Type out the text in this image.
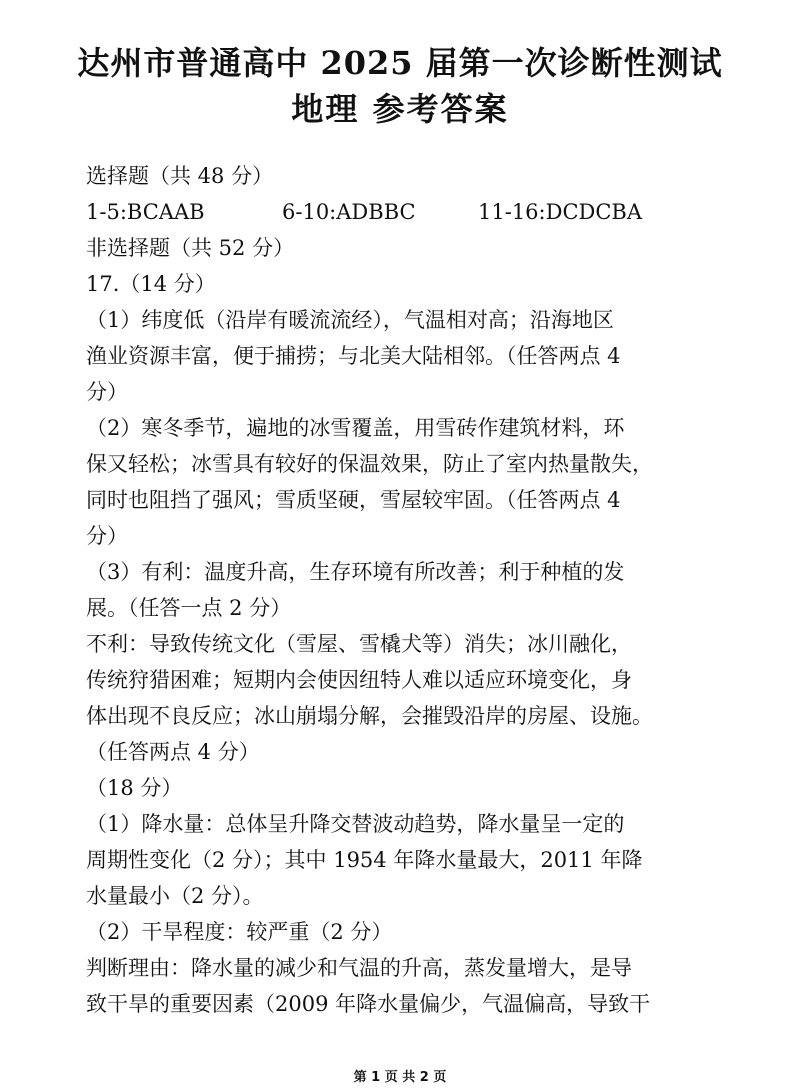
达州市普通高中 2025 届第一次诊断性测试
地理 参考答案
选择题（共 48 分）
1-5:BCAAB	6-10:ADBBC	11-16:DCDCBA
非选择题（共 52 分）
17.（14 分）
（1）纬度低（沿岸有暖流流经），气温相对高；沿海地区
渔业资源丰富，便于捕捞；与北美大陆相邻。（任答两点 4
分）
（2）寒冬季节，遍地的冰雪覆盖，用雪砖作建筑材料，环
保又轻松；冰雪具有较好的保温效果，防止了室内热量散失，
同时也阻挡了强风；雪质坚硬，雪屋较牢固。（任答两点 4
分）
（3）有利：温度升高，生存环境有所改善；利于种植的发
展。（任答一点 2 分）
不利：导致传统文化（雪屋、雪橇犬等）消失；冰川融化，
传统狩猎困难；短期内会使因纽特人难以适应环境变化，身
体出现不良反应；冰山崩塌分解，会摧毁沿岸的房屋、设施。
（任答两点 4 分）
（18 分）
（1）降水量：总体呈升降交替波动趋势，降水量呈一定的
周期性变化（2 分）；其中 1954 年降水量最大，2011 年降
水量最小（2 分）。
（2）干旱程度：较严重（2 分）
判断理由：降水量的减少和气温的升高，蒸发量增大，是导
致干旱的重要因素（2009 年降水量偏少，气温偏高，导致干
第 1 页 共 2 页
